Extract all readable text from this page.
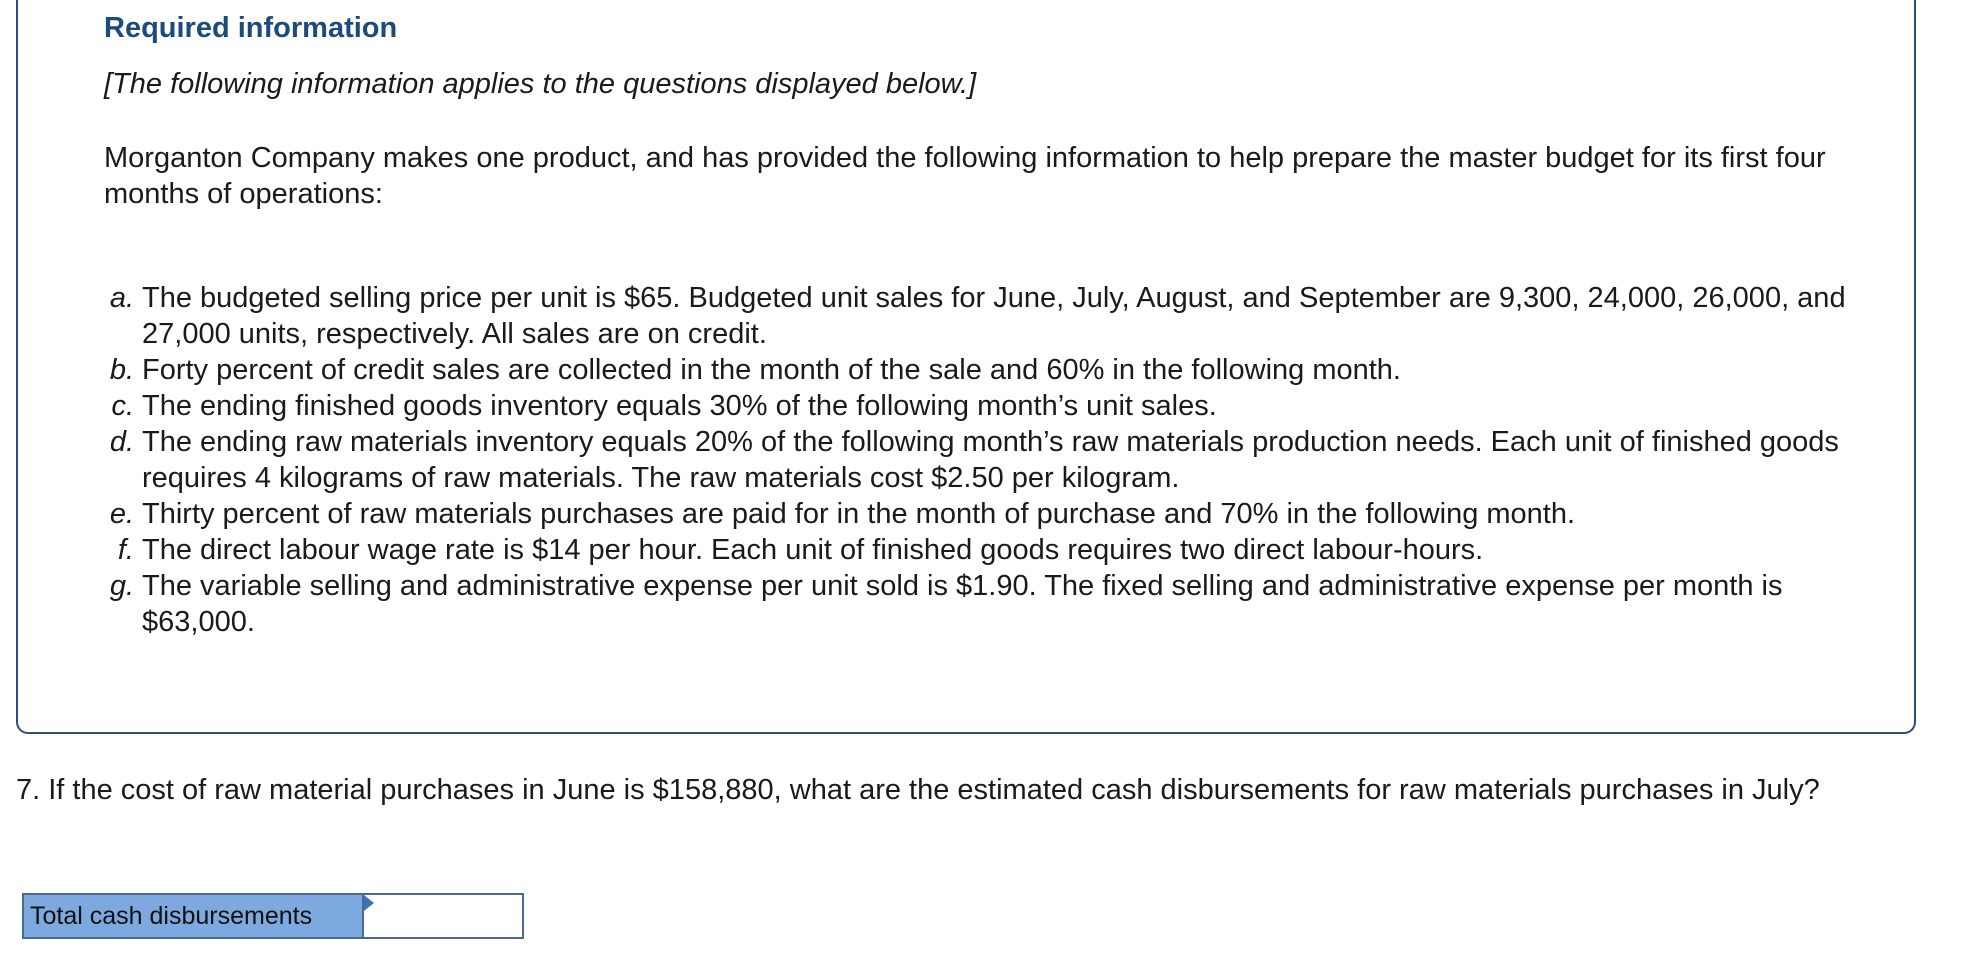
Required information

[The following information applies to the questions displayed below.]

Morganton Company makes one product, and has provided the following information to help prepare the master budget for its first four months of operations:

a. The budgeted selling price per unit is $65. Budgeted unit sales for June, July, August, and September are 9,300, 24,000, 26,000, and 27,000 units, respectively. All sales are on credit.
b. Forty percent of credit sales are collected in the month of the sale and 60% in the following month.
c. The ending finished goods inventory equals 30% of the following month’s unit sales.
d. The ending raw materials inventory equals 20% of the following month’s raw materials production needs. Each unit of finished goods requires 4 kilograms of raw materials. The raw materials cost $2.50 per kilogram.
e. Thirty percent of raw materials purchases are paid for in the month of purchase and 70% in the following month.
f. The direct labour wage rate is $14 per hour. Each unit of finished goods requires two direct labour-hours.
g. The variable selling and administrative expense per unit sold is $1.90. The fixed selling and administrative expense per month is $63,000.

7. If the cost of raw material purchases in June is $158,880, what are the estimated cash disbursements for raw materials purchases in July?

Total cash disbursements
